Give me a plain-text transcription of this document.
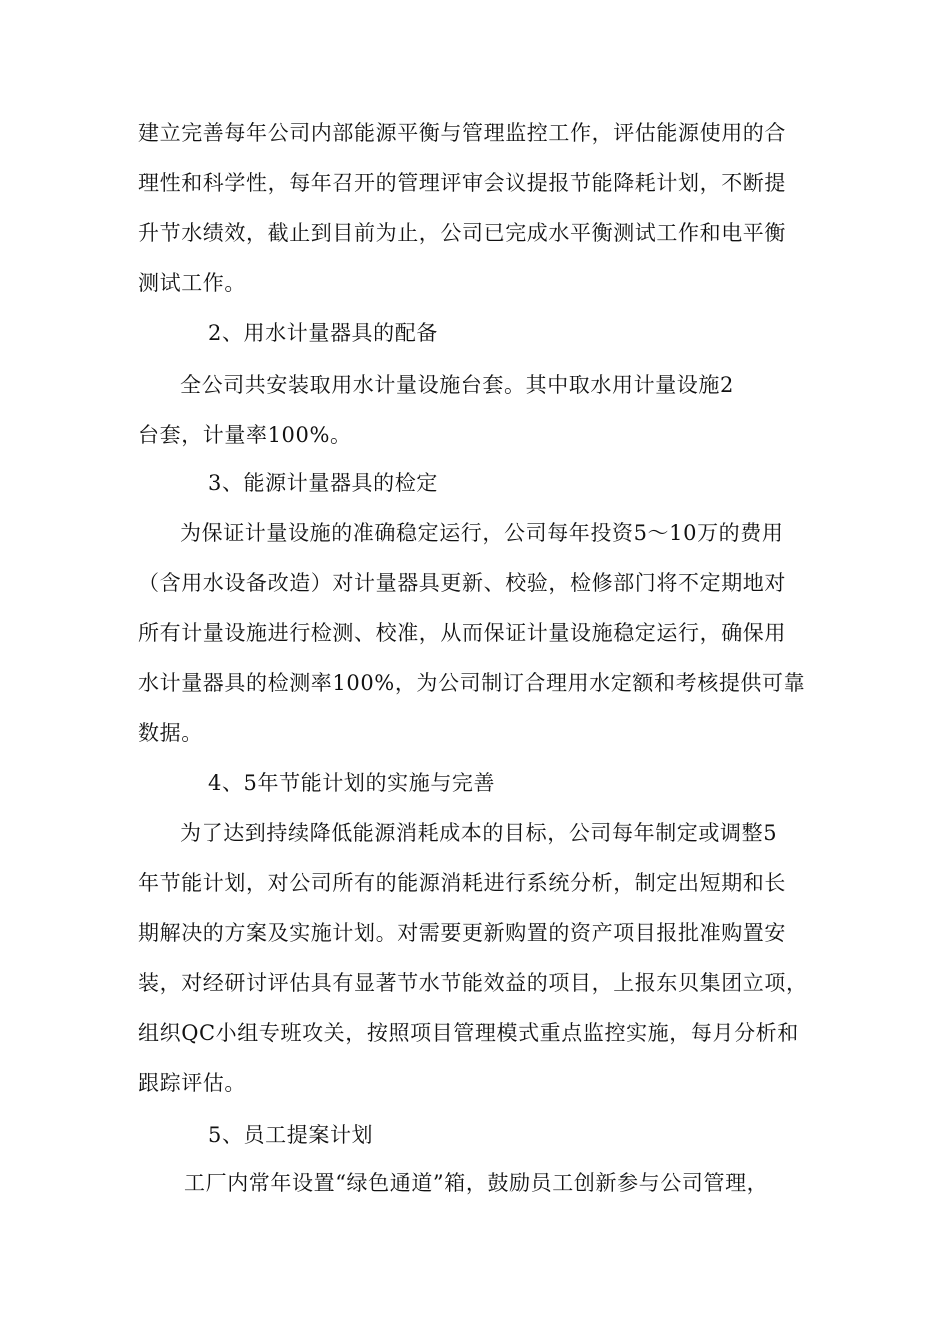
建立完善每年公司内部能源平衡与管理监控工作，评估能源使用的合
理性和科学性，每年召开的管理评审会议提报节能降耗计划，不断提
升节水绩效，截止到目前为止，公司已完成水平衡测试工作和电平衡
测试工作。
2、用水计量器具的配备
全公司共安装取用水计量设施台套。其中取水用计量设施2
台套，计量率100%。
3、能源计量器具的检定
为保证计量设施的准确稳定运行，公司每年投资5〜10万的费用
（含用水设备改造）对计量器具更新、校验，检修部门将不定期地对
所有计量设施进行检测、校准，从而保证计量设施稳定运行，确保用
水计量器具的检测率100%，为公司制订合理用水定额和考核提供可靠
数据。
4、5年节能计划的实施与完善
为了达到持续降低能源消耗成本的目标，公司每年制定或调整5
年节能计划，对公司所有的能源消耗进行系统分析，制定出短期和长
期解决的方案及实施计划。对需要更新购置的资产项目报批准购置安
装，对经研讨评估具有显著节水节能效益的项目，上报东贝集团立项，
组织QC小组专班攻关，按照项目管理模式重点监控实施，每月分析和
跟踪评估。
5、员工提案计划
工厂内常年设置“绿色通道”箱，鼓励员工创新参与公司管理，
